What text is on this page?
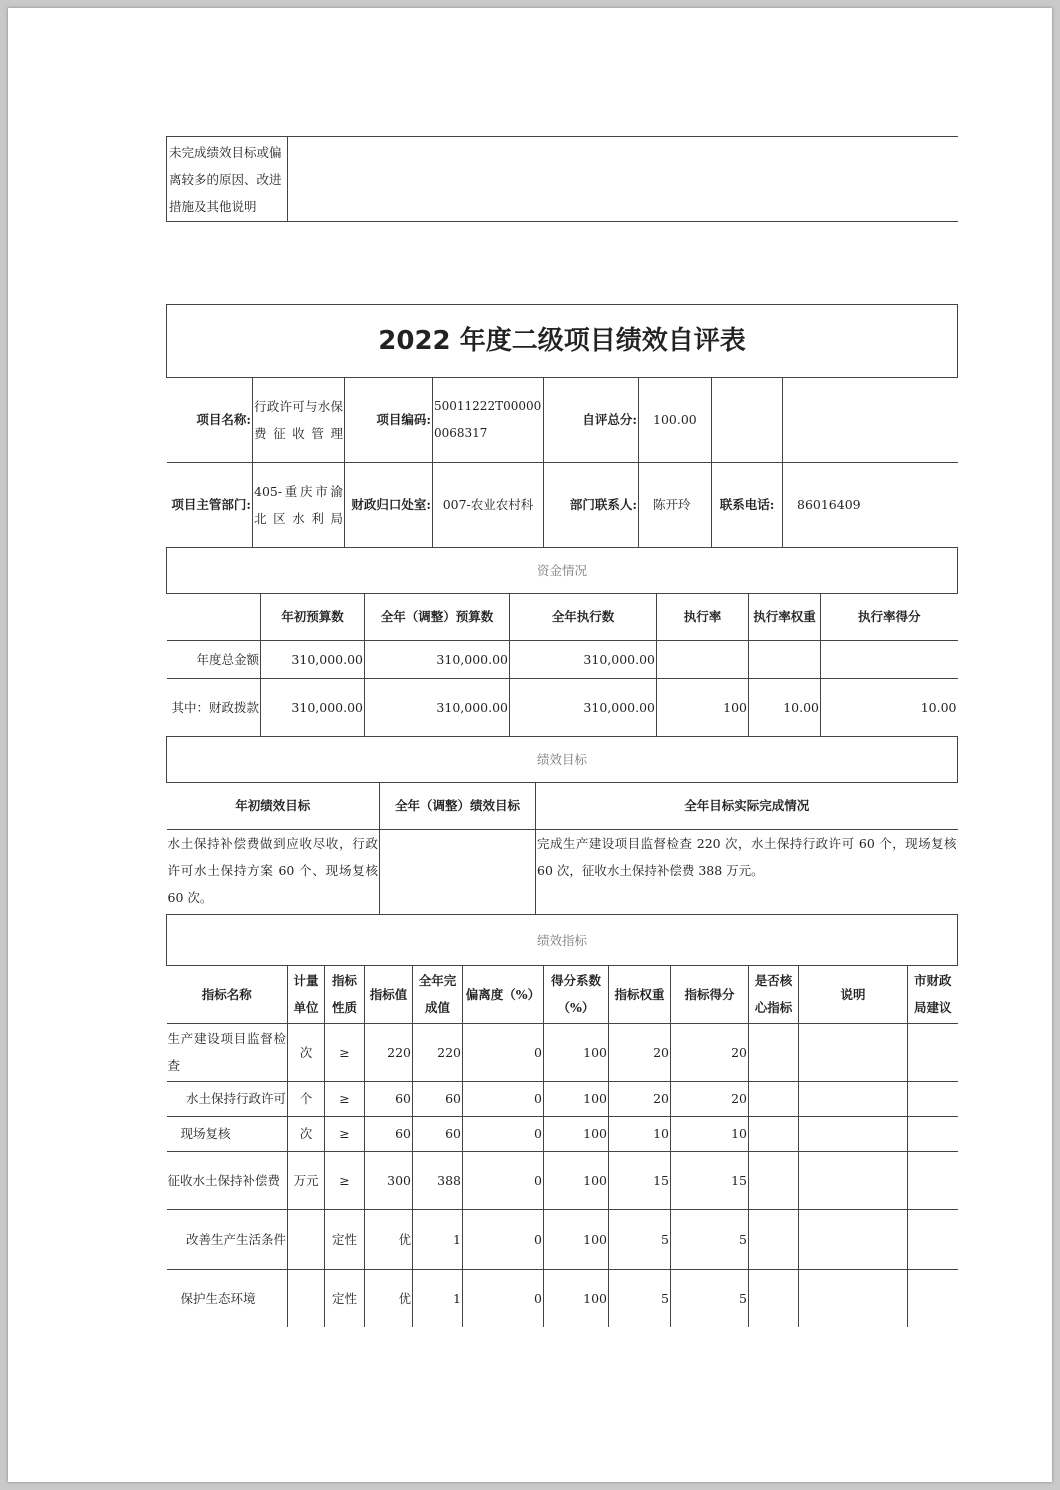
未完成绩效目标或偏离较多的原因、改进措施及其他说明	
2022 年度二级项目绩效自评表

项目名称:	行政许可与水保费征收管理	项目编码:	50011222T000000068317	自评总分:	100.00		
项目主管部门:	405-重庆市渝北区水利局	财政归口处室:	007-农业农村科	部门联系人:	陈开玲	联系电话:	86016409

资金情况

	年初预算数	全年（调整）预算数	全年执行数	执行率	执行率权重	执行率得分
年度总金额	310,000.00	310,000.00	310,000.00			
其中：财政拨款	310,000.00	310,000.00	310,000.00	100	10.00	10.00

绩效目标

年初绩效目标	全年（调整）绩效目标	全年目标实际完成情况
水土保持补偿费做到应收尽收，行政许可水土保持方案 60 个、现场复核 60 次。		完成生产建设项目监督检查 220 次，水土保持行政许可 60 个，现场复核 60 次，征收水土保持补偿费 388 万元。

绩效指标

指标名称	计量单位	指标性质	指标值	全年完成值	偏离度（%）	得分系数（%）	指标权重	指标得分	是否核心指标	说明	市财政局建议
生产建设项目监督检查	次	≥	220	220	0	100	20	20			
水土保持行政许可	个	≥	60	60	0	100	20	20			
现场复核	次	≥	60	60	0	100	10	10			
征收水土保持补偿费	万元	≥	300	388	0	100	15	15			
改善生产生活条件		定性	优	1	0	100	5	5			
保护生态环境		定性	优	1	0	100	5	5			
